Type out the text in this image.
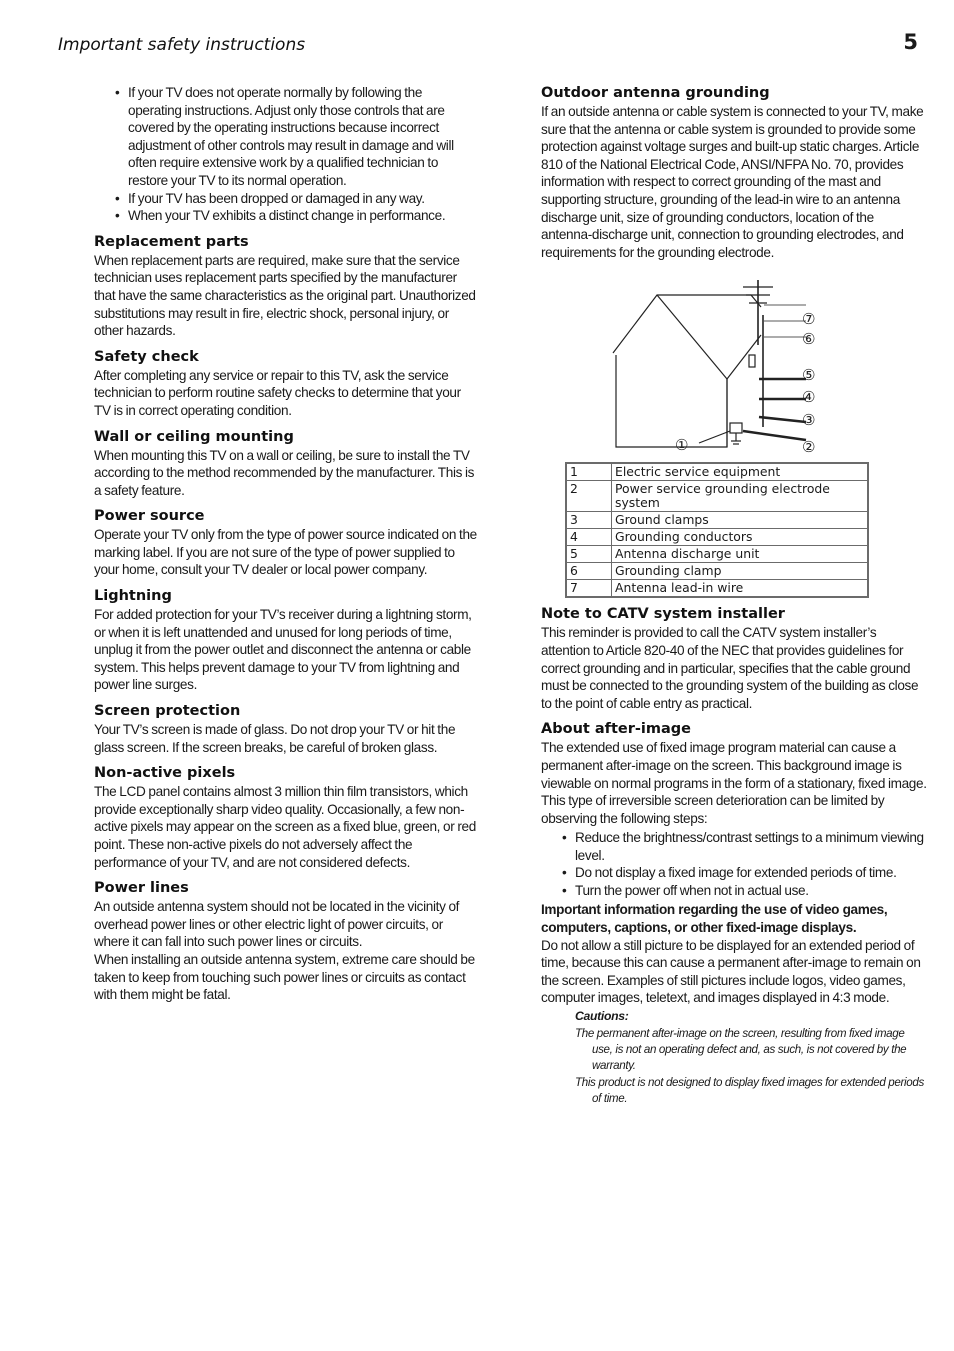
Important safety instructions	5
• If your TV does not operate normally by following the operating instructions. Adjust only those controls that are covered by the operating instructions because incorrect adjustment of other controls may result in damage and will often require extensive work by a qualified technician to restore your TV to its normal operation.
• If your TV has been dropped or damaged in any way.
• When your TV exhibits a distinct change in performance.
Replacement parts

When replacement parts are required, make sure that the service technician uses replacement parts specified by the manufacturer that have the same characteristics as the original part. Unauthorized substitutions may result in fire, electric shock, personal injury, or other hazards.

Safety check

After completing any service or repair to this TV, ask the service technician to perform routine safety checks to determine that your TV is in correct operating condition.

Wall or ceiling mounting

When mounting this TV on a wall or ceiling, be sure to install the TV according to the method recommended by the manufacturer. This is a safety feature.

Power source

Operate your TV only from the type of power source indicated on the marking label. If you are not sure of the type of power supplied to your home, consult your TV dealer or local power company.

Lightning

For added protection for your TV’s receiver during a lightning storm, or when it is left unattended and unused for long periods of time, unplug it from the power outlet and disconnect the antenna or cable system. This helps prevent damage to your TV from lightning and power line surges.

Screen protection

Your TV’s screen is made of glass. Do not drop your TV or hit the glass screen. If the screen breaks, be careful of broken glass.

Non-active pixels

The LCD panel contains almost 3 million thin film transistors, which provide exceptionally sharp video quality. Occasionally, a few non-active pixels may appear on the screen as a fixed blue, green, or red point. These non-active pixels do not adversely affect the performance of your TV, and are not considered defects.

Power lines

An outside antenna system should not be located in the vicinity of overhead power lines or other electric light of power circuits, or where it can fall into such power lines or circuits.

When installing an outside antenna system, extreme care should be taken to keep from touching such power lines or circuits as contact with them might be fatal.

Outdoor antenna grounding

If an outside antenna or cable system is connected to your TV, make sure that the antenna or cable system is grounded to provide some protection against voltage surges and built-up static charges. Article 810 of the National Electrical Code, ANSI/NFPA No. 70, provides information with respect to correct grounding of the mast and supporting structure, grounding of the lead-in wire to an antenna discharge unit, size of grounding conductors, location of the antenna-discharge unit, connection to grounding electrodes, and requirements for the grounding electrode.

①	②
③
④
⑤
⑥
⑦
1	Electric service equipment
2	Power service grounding electrode system
3	Ground clamps
4	Grounding conductors
5	Antenna discharge unit
6	Grounding clamp
7	Antenna lead-in wire
Note to CATV system installer

This reminder is provided to call the CATV system installer’s attention to Article 820-40 of the NEC that provides guidelines for correct grounding and in particular, specifies that the cable ground must be connected to the grounding system of the building as close to the point of cable entry as practical.

About after-image

The extended use of fixed image program material can cause a permanent after-image on the screen. This background image is viewable on normal programs in the form of a stationary, fixed image. This type of irreversible screen deterioration can be limited by observing the following steps:

• Reduce the brightness/contrast settings to a minimum viewing level.
• Do not display a fixed image for extended periods of time.
• Turn the power off when not in actual use.
Important information regarding the use of video games, computers, captions, or other fixed-image displays.

Do not allow a still picture to be displayed for an extended period of time, because this can cause a permanent after-image to remain on the screen. Examples of still pictures include logos, video games, computer images, teletext, and images displayed in 4:3 mode.

Cautions:
The permanent after-image on the screen, resulting from fixed image use, is not an operating defect and, as such, is not covered by the warranty.
This product is not designed to display fixed images for extended periods of time.
